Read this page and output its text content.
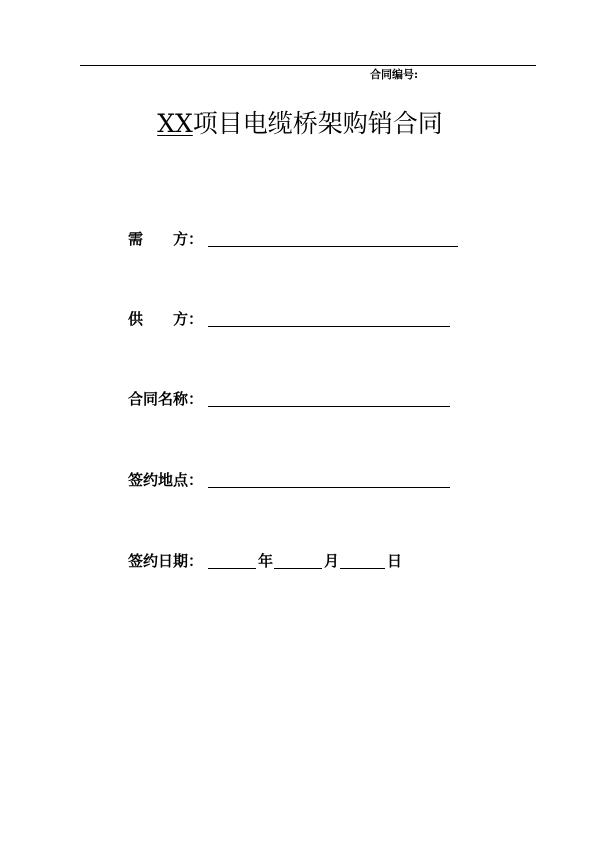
合同编号:
XX项目电缆桥架购销合同
需　　方：
供　　方：
合同名称：
签约地点：
签约日期：	年	月	日
